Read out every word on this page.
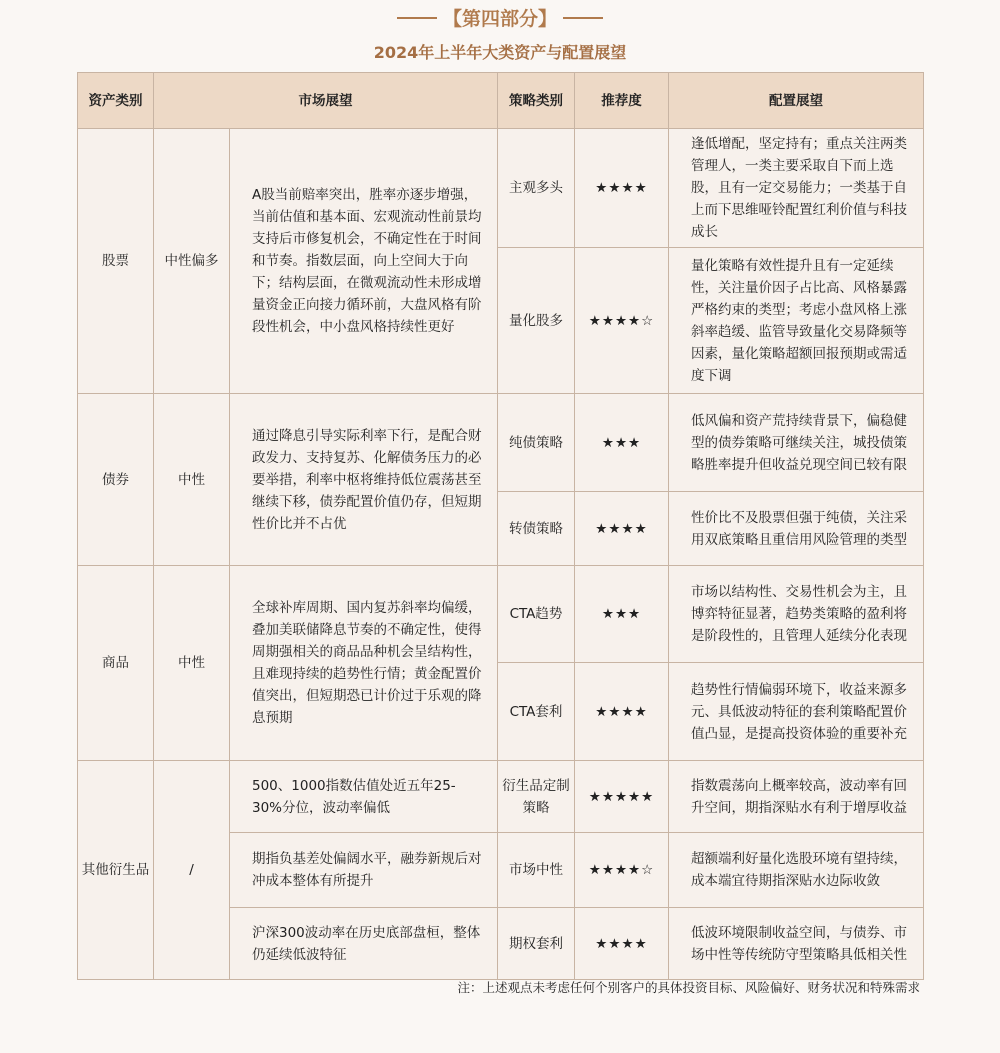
【第四部分】
2024年上半年大类资产与配置展望
资产类别	市场展望		策略类别	推荐度	配置展望
股票	中性偏多	A股当前赔率突出，胜率亦逐步增强，当前估值和基本面、宏观流动性前景均支持后市修复机会，不确定性在于时间和节奏。指数层面，向上空间大于向下；结构层面，在微观流动性未形成增量资金正向接力循环前，大盘风格有阶段性机会，中小盘风格持续性更好	主观多头	★★★★	逢低增配，坚定持有；重点关注两类管理人，一类主要采取自下而上选股，且有一定交易能力；一类基于自上而下思维哑铃配置红利价值与科技成长
			量化股多	★★★★☆	量化策略有效性提升且有一定延续性，关注量价因子占比高、风格暴露严格约束的类型；考虑小盘风格上涨斜率趋缓、监管导致量化交易降频等因素，量化策略超额回报预期或需适度下调
债券	中性	通过降息引导实际利率下行，是配合财政发力、支持复苏、化解债务压力的必要举措，利率中枢将维持低位震荡甚至继续下移，债券配置价值仍存，但短期性价比并不占优	纯债策略	★★★	低风偏和资产荒持续背景下，偏稳健型的债券策略可继续关注，城投债策略胜率提升但收益兑现空间已较有限
			转债策略	★★★★	性价比不及股票但强于纯债，关注采用双底策略且重信用风险管理的类型
商品	中性	全球补库周期、国内复苏斜率均偏缓，叠加美联储降息节奏的不确定性，使得周期强相关的商品品种机会呈结构性，且难现持续的趋势性行情；黄金配置价值突出，但短期恐已计价过于乐观的降息预期	CTA趋势	★★★	市场以结构性、交易性机会为主，且博弈特征显著，趋势类策略的盈利将是阶段性的，且管理人延续分化表现
			CTA套利	★★★★	趋势性行情偏弱环境下，收益来源多元、具低波动特征的套利策略配置价值凸显，是提高投资体验的重要补充
其他衍生品	/	500、1000指数估值处近五年25-30%分位，波动率偏低	衍生品定制策略	★★★★★	指数震荡向上概率较高，波动率有回升空间，期指深贴水有利于增厚收益
		期指负基差处偏阔水平，融券新规后对冲成本整体有所提升	市场中性	★★★★☆	超额端利好量化选股环境有望持续，成本端宜待期指深贴水边际收敛
		沪深300波动率在历史底部盘桓，整体仍延续低波特征	期权套利	★★★★	低波环境限制收益空间，与债券、市场中性等传统防守型策略具低相关性
注：上述观点未考虑任何个别客户的具体投资目标、风险偏好、财务状况和特殊需求
